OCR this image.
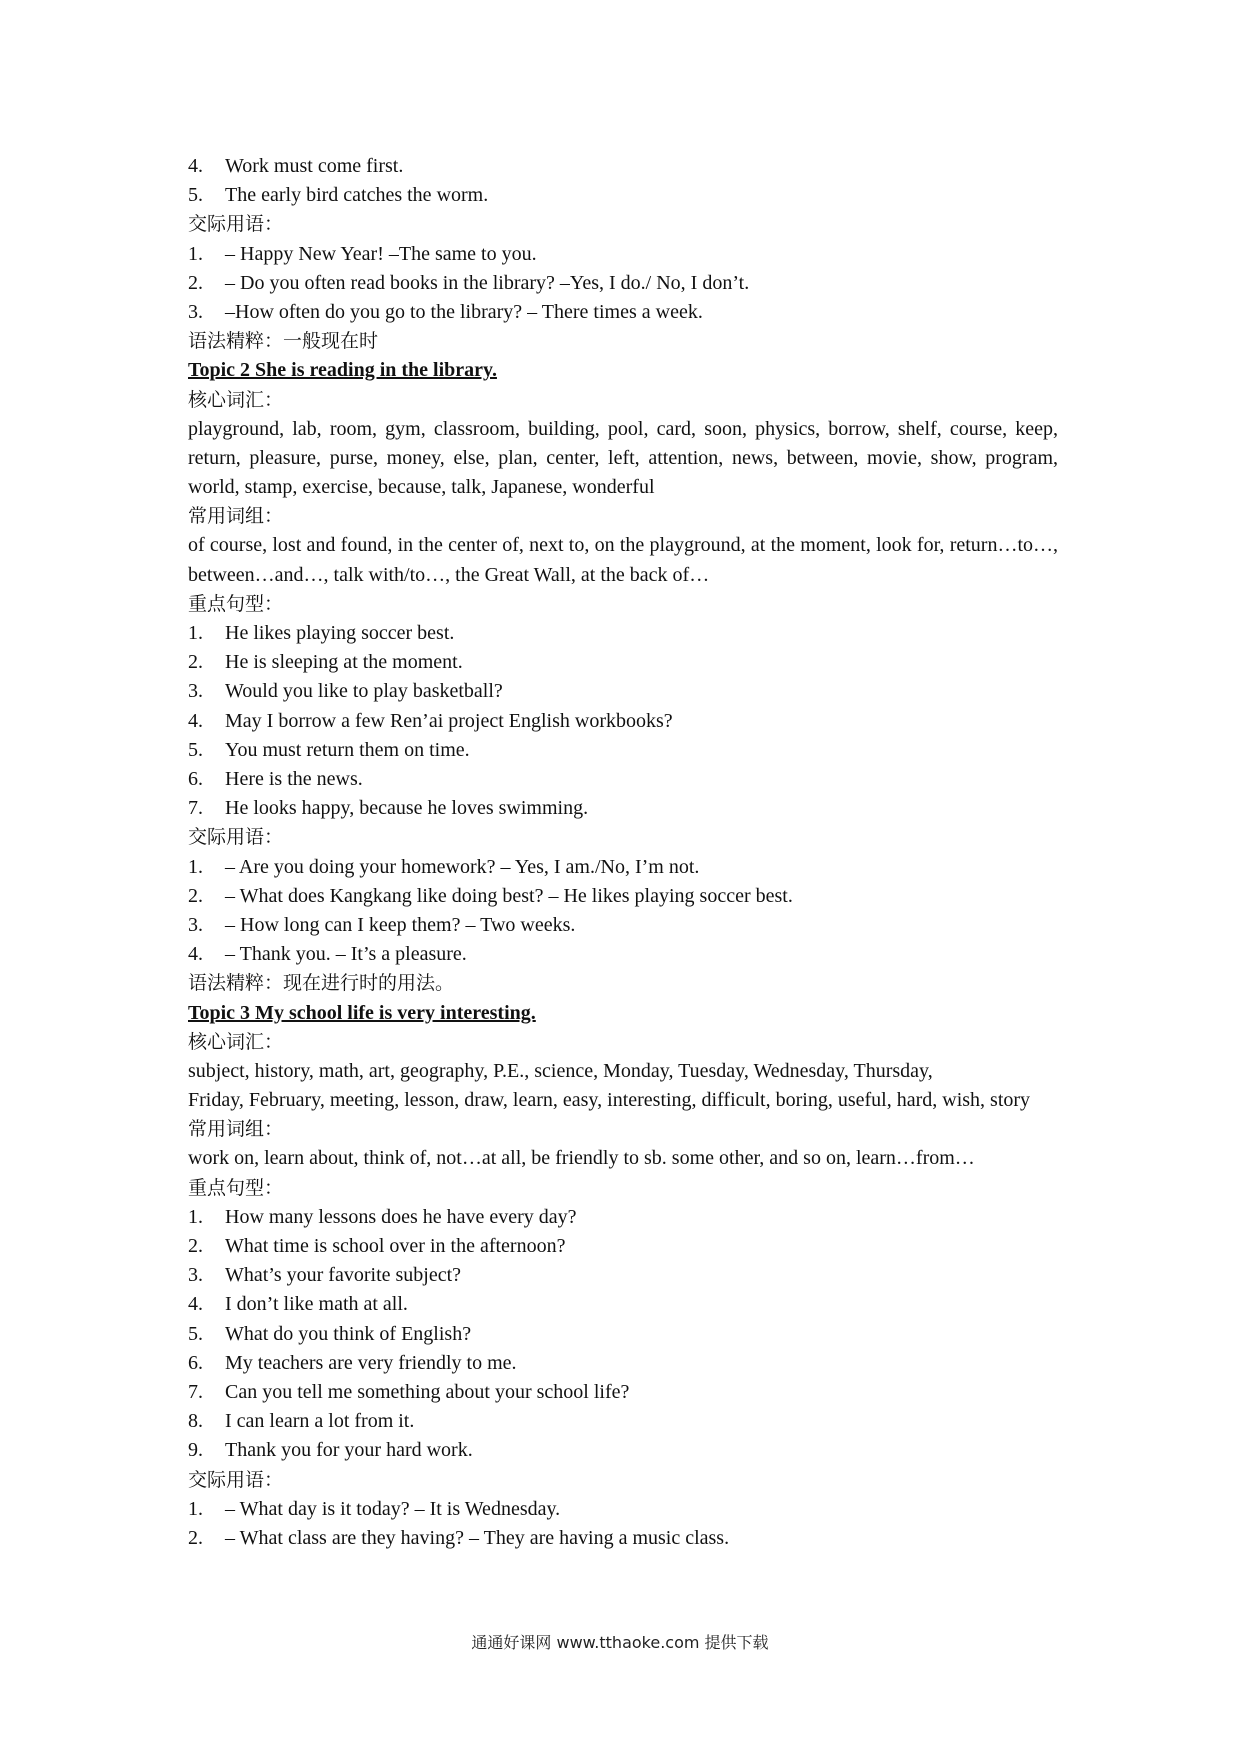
4. Work must come first.
5. The early bird catches the worm.
交际用语：
1. – Happy New Year! –The same to you.
2. – Do you often read books in the library? –Yes, I do./ No, I don’t.
3. –How often do you go to the library? – There times a week.
语法精粹：一般现在时
Topic 2 She is reading in the library.
核心词汇：
playground, lab, room, gym, classroom, building, pool, card, soon, physics, borrow, shelf, course, keep, return, pleasure, purse, money, else, plan, center, left, attention, news, between, movie, show, program, world, stamp, exercise, because, talk, Japanese, wonderful
常用词组：
of course, lost and found, in the center of, next to, on the playground, at the moment, look for, return…to…, between…and…, talk with/to…, the Great Wall, at the back of…
重点句型：
1. He likes playing soccer best.
2. He is sleeping at the moment.
3. Would you like to play basketball?
4. May I borrow a few Ren’ai project English workbooks?
5. You must return them on time.
6. Here is the news.
7. He looks happy, because he loves swimming.
交际用语：
1. – Are you doing your homework? – Yes, I am./No, I’m not.
2. – What does Kangkang like doing best? – He likes playing soccer best.
3. – How long can I keep them? – Two weeks.
4. – Thank you. – It’s a pleasure.
语法精粹：现在进行时的用法。
Topic 3 My school life is very interesting.
核心词汇：
subject, history, math, art, geography, P.E., science, Monday, Tuesday, Wednesday, Thursday,
Friday, February, meeting, lesson, draw, learn, easy, interesting, difficult, boring, useful, hard, wish, story
常用词组：
work on, learn about, think of, not…at all, be friendly to sb. some other, and so on, learn…from…
重点句型：
1. How many lessons does he have every day?
2. What time is school over in the afternoon?
3. What’s your favorite subject?
4. I don’t like math at all.
5. What do you think of English?
6. My teachers are very friendly to me.
7. Can you tell me something about your school life?
8. I can learn a lot from it.
9. Thank you for your hard work.
交际用语：
1. – What day is it today? – It is Wednesday.
2. – What class are they having? – They are having a music class.
通通好课网 www.tthaoke.com 提供下载
